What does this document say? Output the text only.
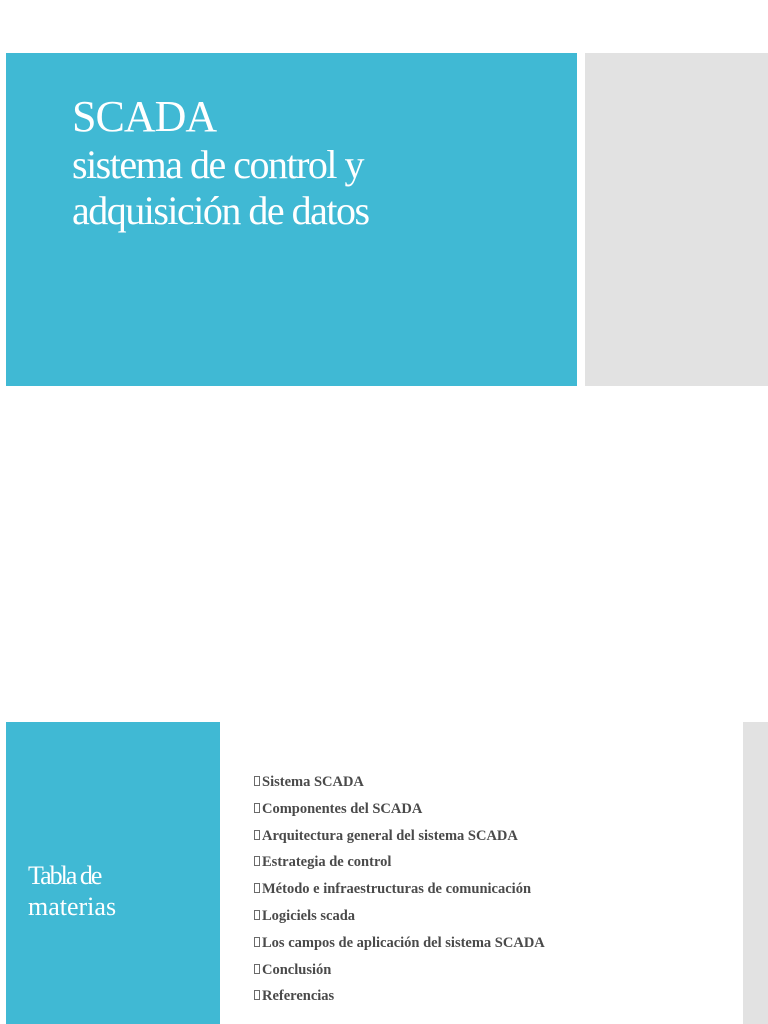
SCADA
sistema de control y
adquisición de datos
Tabla de
materias
Sistema SCADA
Componentes del SCADA
Arquitectura general del sistema SCADA
Estrategia de control
Método e infraestructuras de comunicación
Logiciels scada
Los campos de aplicación del sistema SCADA
Conclusión
Referencias
